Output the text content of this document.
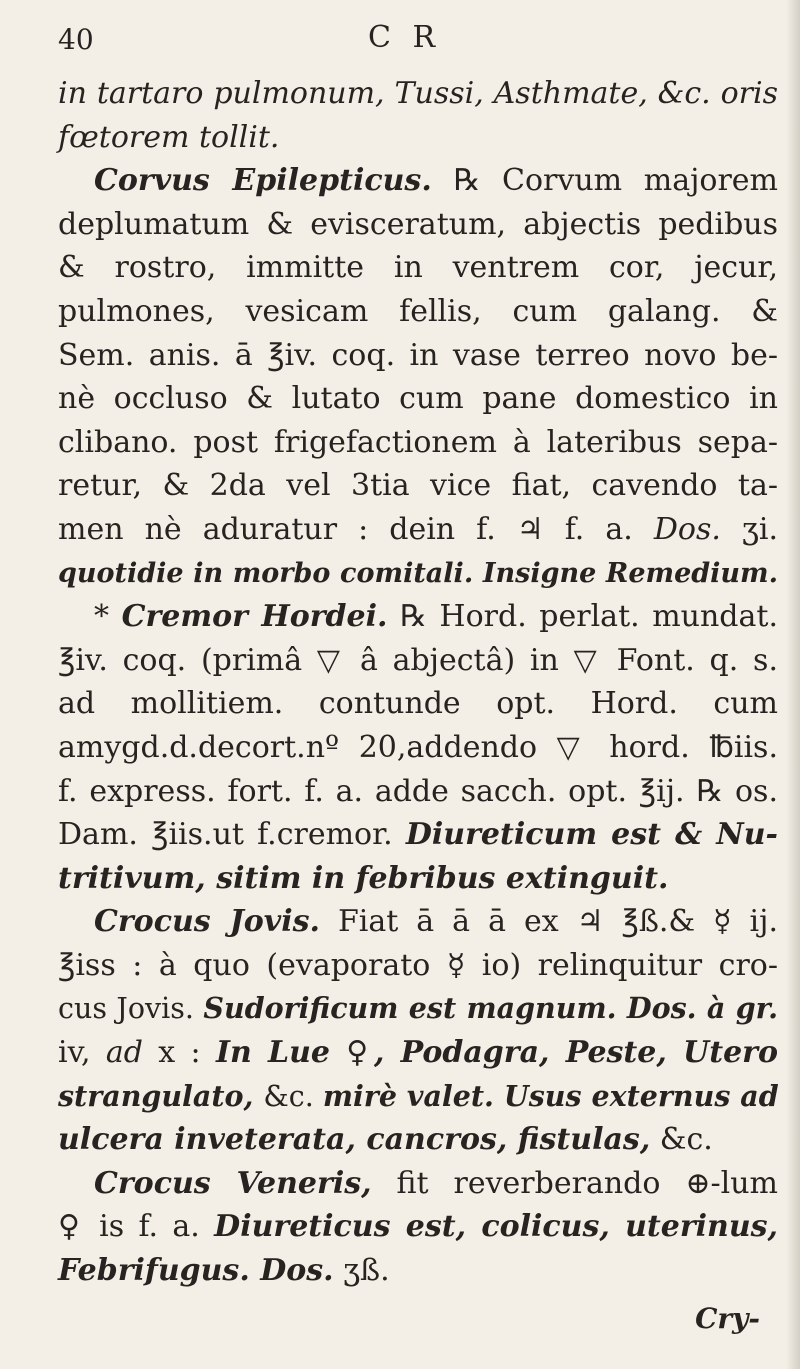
40	C R
in tartaro pulmonum, Tussi, Asthmate, &c. oris
fœtorem tollit.
Corvus Epilepticus. ℞ Corvum majorem
deplumatum & evisceratum, abjectis pedibus
& rostro, immitte in ventrem cor, jecur,
pulmones, vesicam fellis, cum galang. &
Sem. anis. ā ℥iv. coq. in vase terreo novo be-
nè occluso & lutato cum pane domestico in
clibano. post frigefactionem à lateribus sepa-
retur, & 2da vel 3tia vice fiat, cavendo ta-
men nè aduratur : dein f. ♃ f. a. Dos. ʒi.
quotidie in morbo comitali. Insigne Remedium.
* Cremor Hordei. ℞ Hord. perlat. mundat.
℥iv. coq. (primâ ▽ â abjectâ) in ▽ Font. q. s.
ad mollitiem. contunde opt. Hord. cum
amygd.d.decort.nº 20,addendo ▽ hord. ℔iis.
f. express. fort. f. a. adde sacch. opt. ℥ij. ℞ os.
Dam. ℥iis.ut f.cremor. Diureticum est & Nu-
tritivum, sitim in febribus extinguit.
Crocus Jovis. Fiat ā ā ā ex ♃ ℥ß.& ☿ ij.
℥iss : à quo (evaporato ☿ io) relinquitur cro-
cus Jovis. Sudorificum est magnum. Dos. à gr.
iv, ad x : In Lue ♀, Podagra, Peste, Utero
strangulato, &c. mirè valet. Usus externus ad
ulcera inveterata, cancros, fistulas, &c.
Crocus Veneris, fit reverberando ⊕-lum
♀ is f. a. Diureticus est, colicus, uterinus,
Febrifugus. Dos. ʒß.
Cry-
